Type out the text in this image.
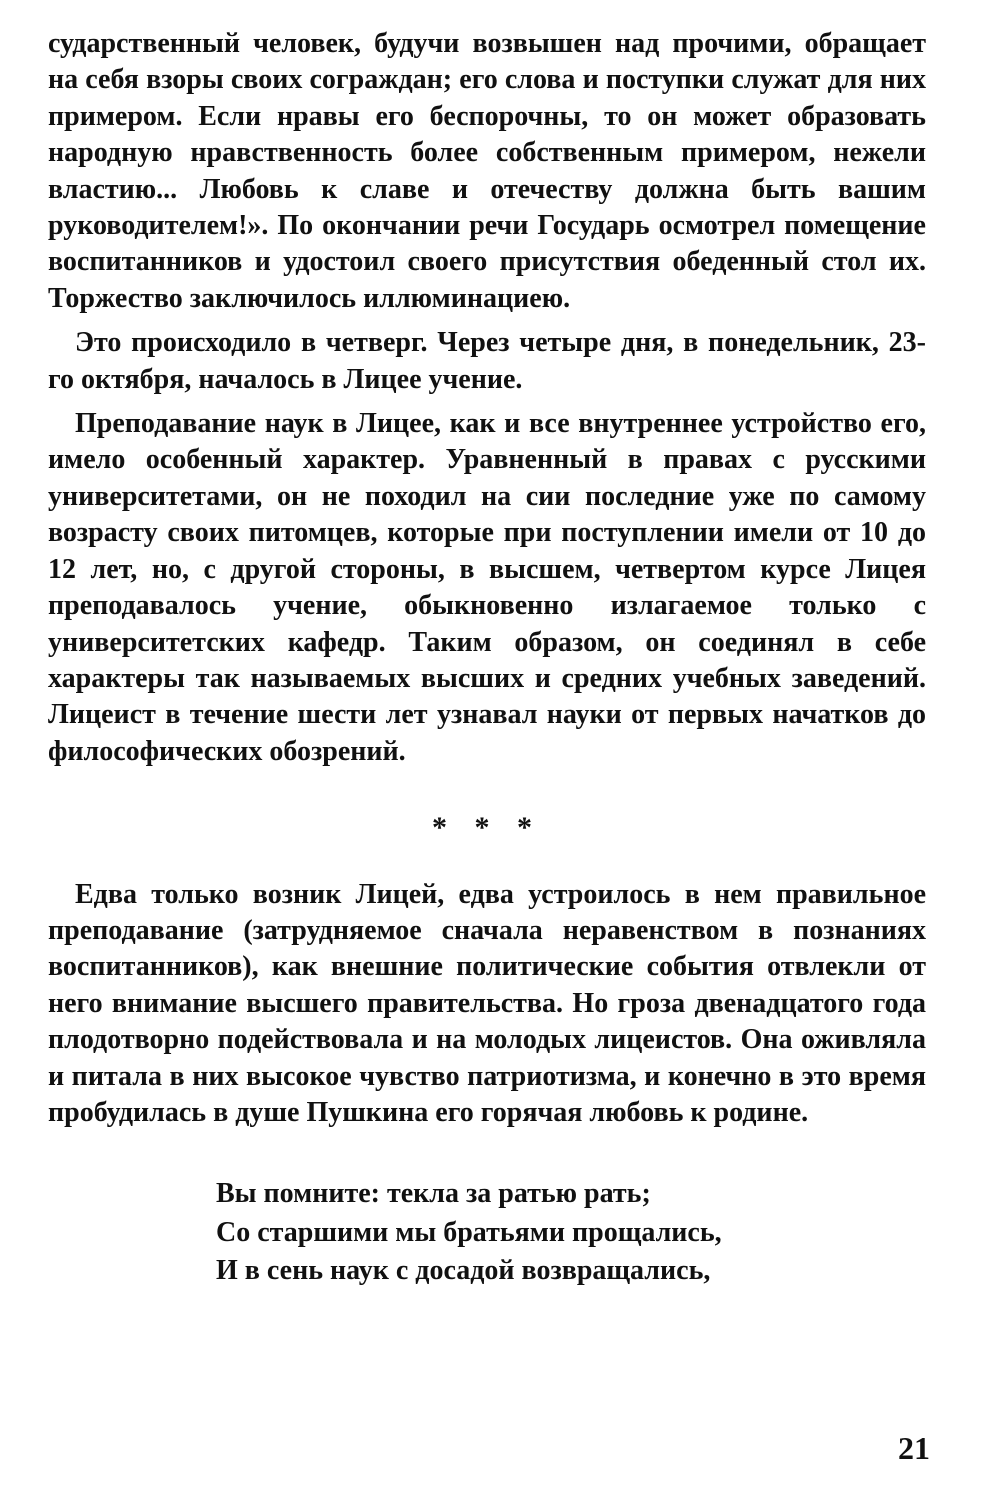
сударственный человек, будучи возвышен над прочими, обращает на себя взоры своих сограждан; его слова и поступки служат для них примером. Если нравы его беспорочны, то он может образовать народную нравственность более собственным примером, нежели властию... Любовь к славе и отечеству должна быть вашим руководителем!». По окончании речи Государь осмотрел помещение воспитанников и удостоил своего присутствия обеденный стол их. Торжество заключилось иллюминациею.

Это происходило в четверг. Через четыре дня, в понедельник, 23-го октября, началось в Лицее учение.

Преподавание наук в Лицее, как и все внутреннее устройство его, имело особенный характер. Уравненный в правах с русскими университетами, он не походил на сии последние уже по самому возрасту своих питомцев, которые при поступлении имели от 10 до 12 лет, но, с другой стороны, в высшем, четвертом курсе Лицея преподавалось учение, обыкновенно излагаемое только с университетских кафедр. Таким образом, он соединял в себе характеры так называемых высших и средних учебных заведений. Лицеист в течение шести лет узнавал науки от первых начатков до философических обозрений.

* * *

Едва только возник Лицей, едва устроилось в нем правильное преподавание (затрудняемое сначала неравенством в познаниях воспитанников), как внешние политические события отвлекли от него внимание высшего правительства. Но гроза двенадцатого года плодотворно подействовала и на молодых лицеистов. Она оживляла и питала в них высокое чувство патриотизма, и конечно в это время пробудилась в душе Пушкина его горячая любовь к родине.

Вы помните: текла за ратью рать;
Со старшими мы братьями прощались,
И в сень наук с досадой возвращались,
21
